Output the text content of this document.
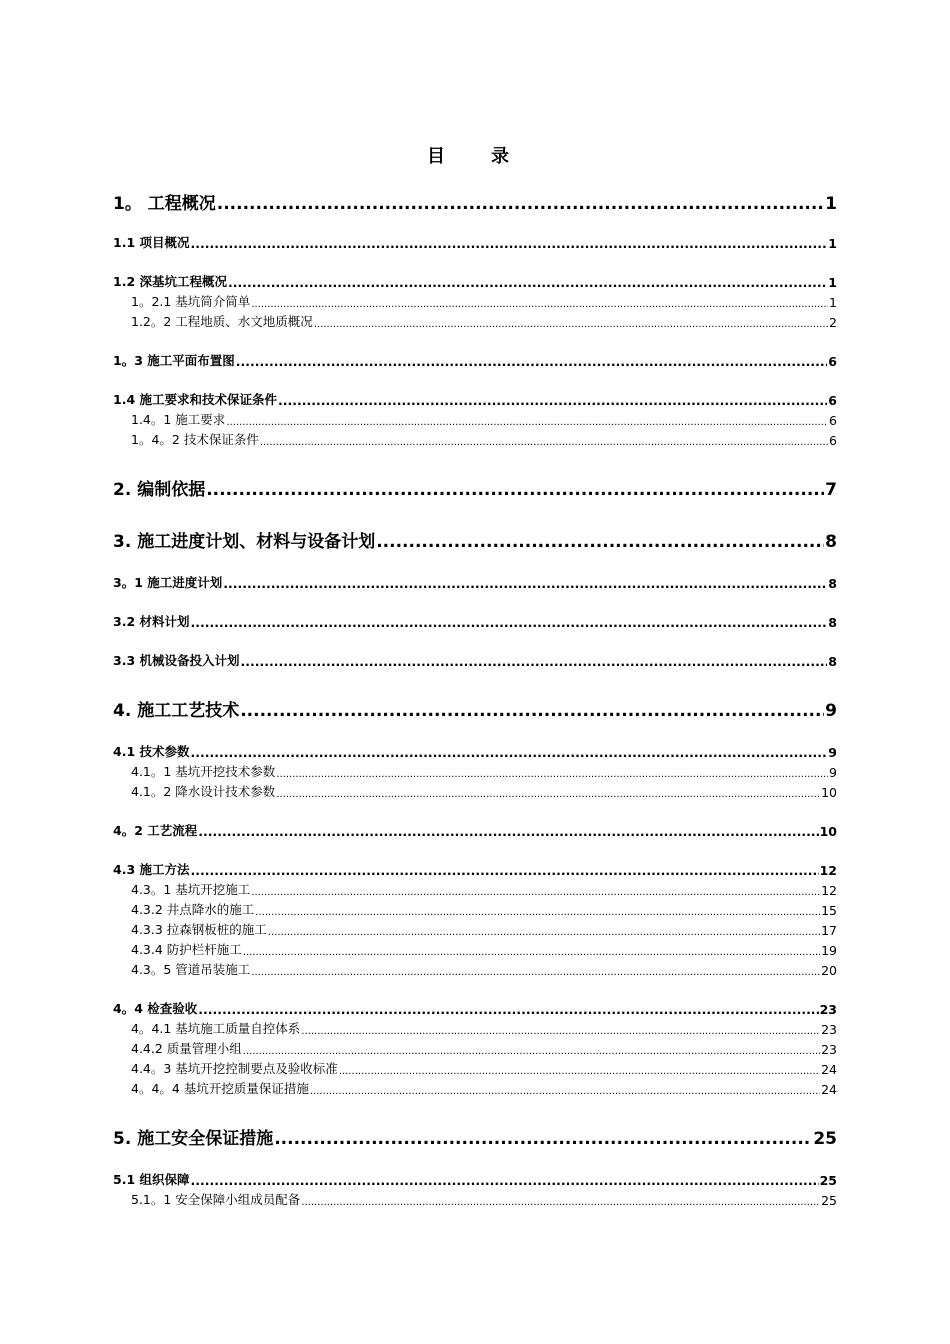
目　录
1。 工程概况 .....	1
1.1 项目概况 .....	1
1.2 深基坑工程概况 .....	1
1。2.1 基坑简介简单 .....	1
1.2。2 工程地质、水文地质概况 .....	2
1。3 施工平面布置图 .....	6
1.4 施工要求和技术保证条件 .....	6
1.4。1 施工要求 .....	6
1。4。2 技术保证条件 .....	6
2. 编制依据 .....	7
3. 施工进度计划、材料与设备计划 .....	8
3。1 施工进度计划 .....	8
3.2 材料计划 .....	8
3.3 机械设备投入计划 .....	8
4. 施工工艺技术 .....	9
4.1 技术参数 .....	9
4.1。1 基坑开挖技术参数 .....	9
4.1。2 降水设计技术参数 .....	10
4。2 工艺流程 .....	10
4.3 施工方法 .....	12
4.3。1 基坑开挖施工 .....	12
4.3.2 井点降水的施工 .....	15
4.3.3 拉森钢板桩的施工 .....	17
4.3.4 防护栏杆施工 .....	19
4.3。5 管道吊装施工 .....	20
4。4 检查验收 .....	23
4。4.1 基坑施工质量自控体系 .....	23
4.4.2 质量管理小组 .....	23
4.4。3 基坑开挖控制要点及验收标准 .....	24
4。4。4 基坑开挖质量保证措施 .....	24
5. 施工安全保证措施 .....	25
5.1 组织保障 .....	25
5.1。1 安全保障小组成员配备 .....	25
